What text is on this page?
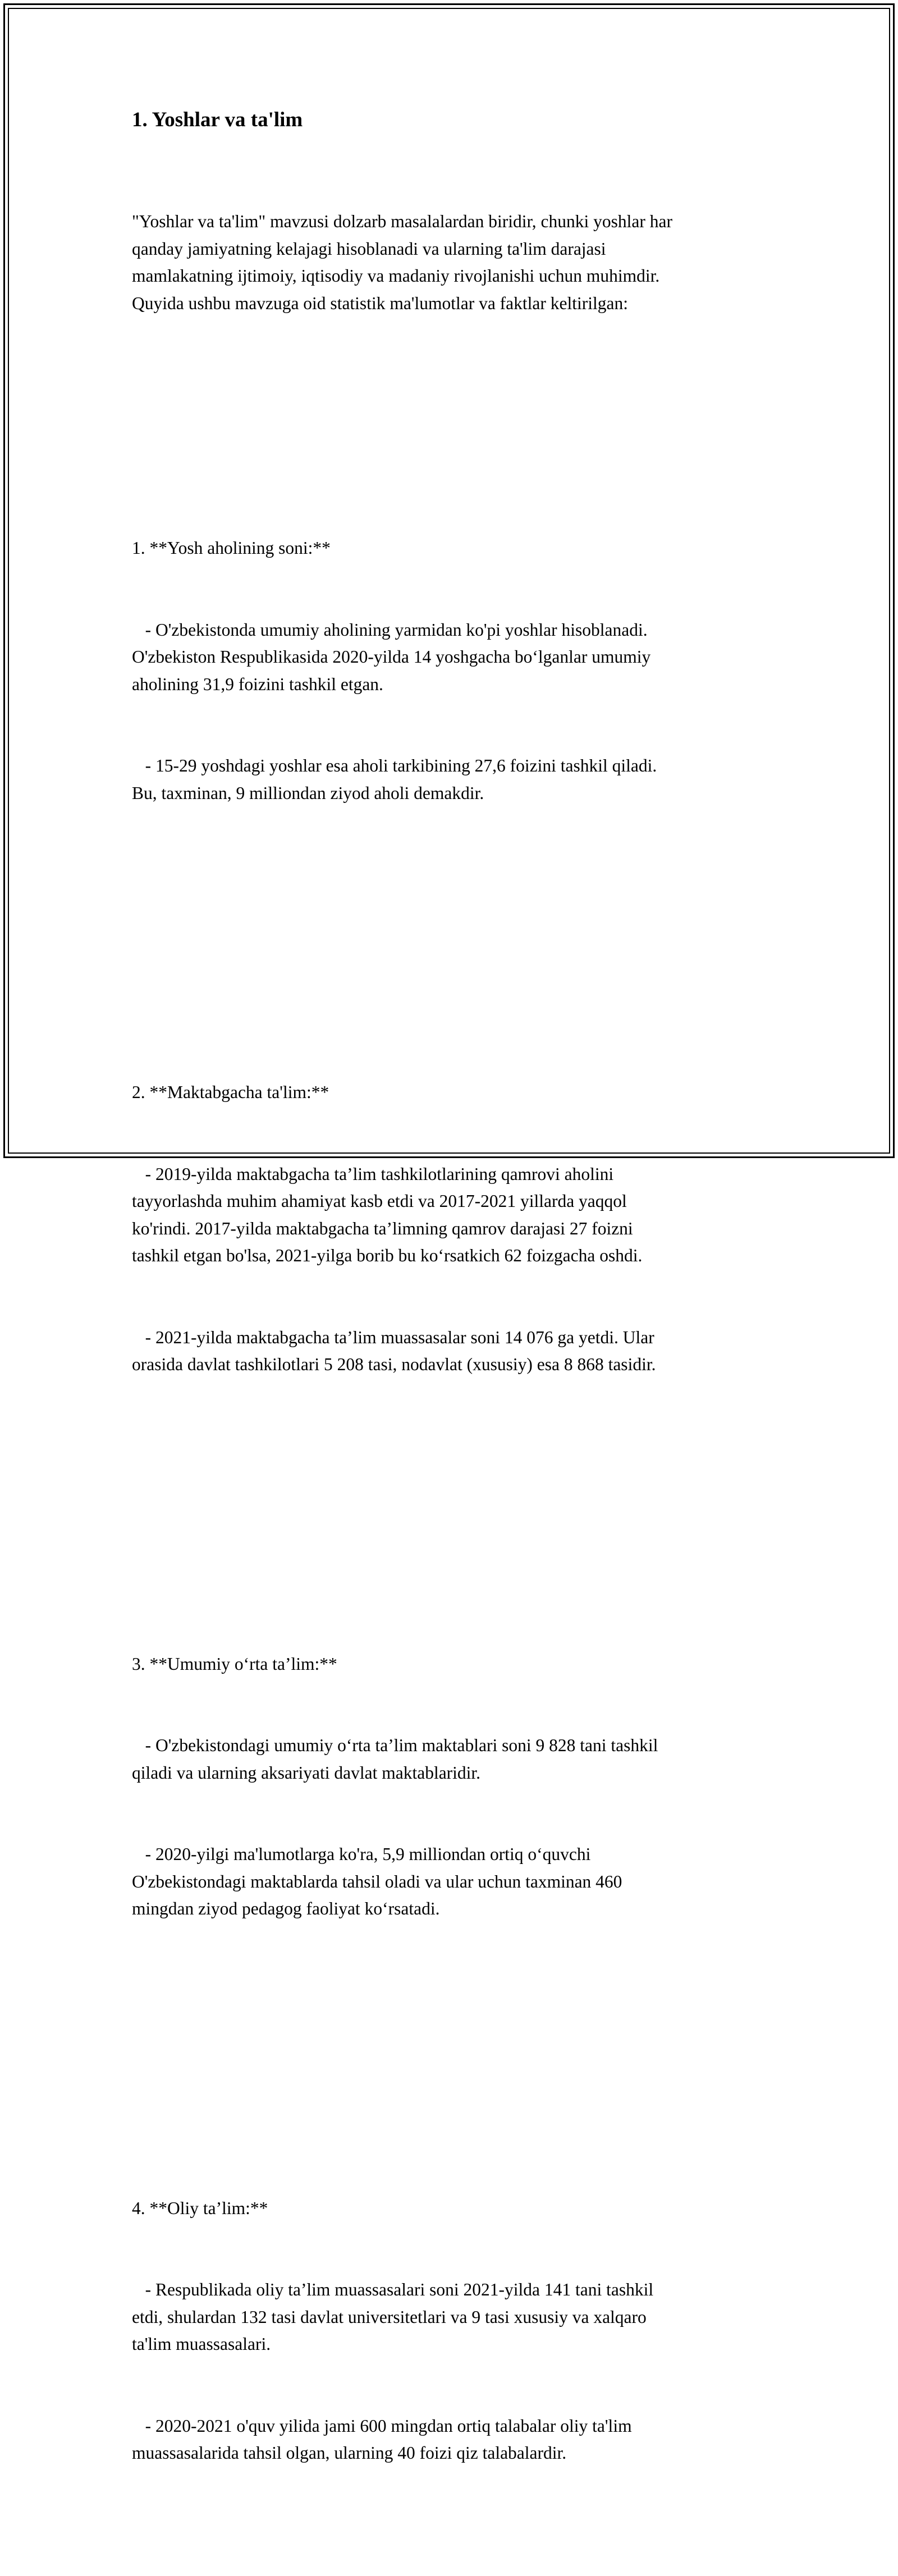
1. Yoshlar va ta'lim

"Yoshlar va ta'lim" mavzusi dolzarb masalalardan biridir, chunki yoshlar har
qanday jamiyatning kelajagi hisoblanadi va ularning ta'lim darajasi
mamlakatning ijtimoiy, iqtisodiy va madaniy rivojlanishi uchun muhimdir.
Quyida ushbu mavzuga oid statistik ma'lumotlar va faktlar keltirilgan:

1. **Yosh aholining soni:**

- O'zbekistonda umumiy aholining yarmidan ko'pi yoshlar hisoblanadi.
O'zbekiston Respublikasida 2020-yilda 14 yoshgacha bo‘lganlar umumiy
aholining 31,9 foizini tashkil etgan.

- 15-29 yoshdagi yoshlar esa aholi tarkibining 27,6 foizini tashkil qiladi.
Bu, taxminan, 9 milliondan ziyod aholi demakdir.

2. **Maktabgacha ta'lim:**

- 2019-yilda maktabgacha ta’lim tashkilotlarining qamrovi aholini
tayyorlashda muhim ahamiyat kasb etdi va 2017-2021 yillarda yaqqol
ko'rindi. 2017-yilda maktabgacha ta’limning qamrov darajasi 27 foizni
tashkil etgan bo'lsa, 2021-yilga borib bu ko‘rsatkich 62 foizgacha oshdi.

- 2021-yilda maktabgacha ta’lim muassasalar soni 14 076 ga yetdi. Ular
orasida davlat tashkilotlari 5 208 tasi, nodavlat (xususiy) esa 8 868 tasidir.

3. **Umumiy o‘rta ta’lim:**

- O'zbekistondagi umumiy o‘rta ta’lim maktablari soni 9 828 tani tashkil
qiladi va ularning aksariyati davlat maktablaridir.

- 2020-yilgi ma'lumotlarga ko'ra, 5,9 milliondan ortiq o‘quvchi
O'zbekistondagi maktablarda tahsil oladi va ular uchun taxminan 460
mingdan ziyod pedagog faoliyat ko‘rsatadi.

4. **Oliy ta’lim:**

- Respublikada oliy ta’lim muassasalari soni 2021-yilda 141 tani tashkil
etdi, shulardan 132 tasi davlat universitetlari va 9 tasi xususiy va xalqaro
ta'lim muassasalari.

- 2020-2021 o'quv yilida jami 600 mingdan ortiq talabalar oliy ta'lim
muassasalarida tahsil olgan, ularning 40 foizi qiz talabalardir.
